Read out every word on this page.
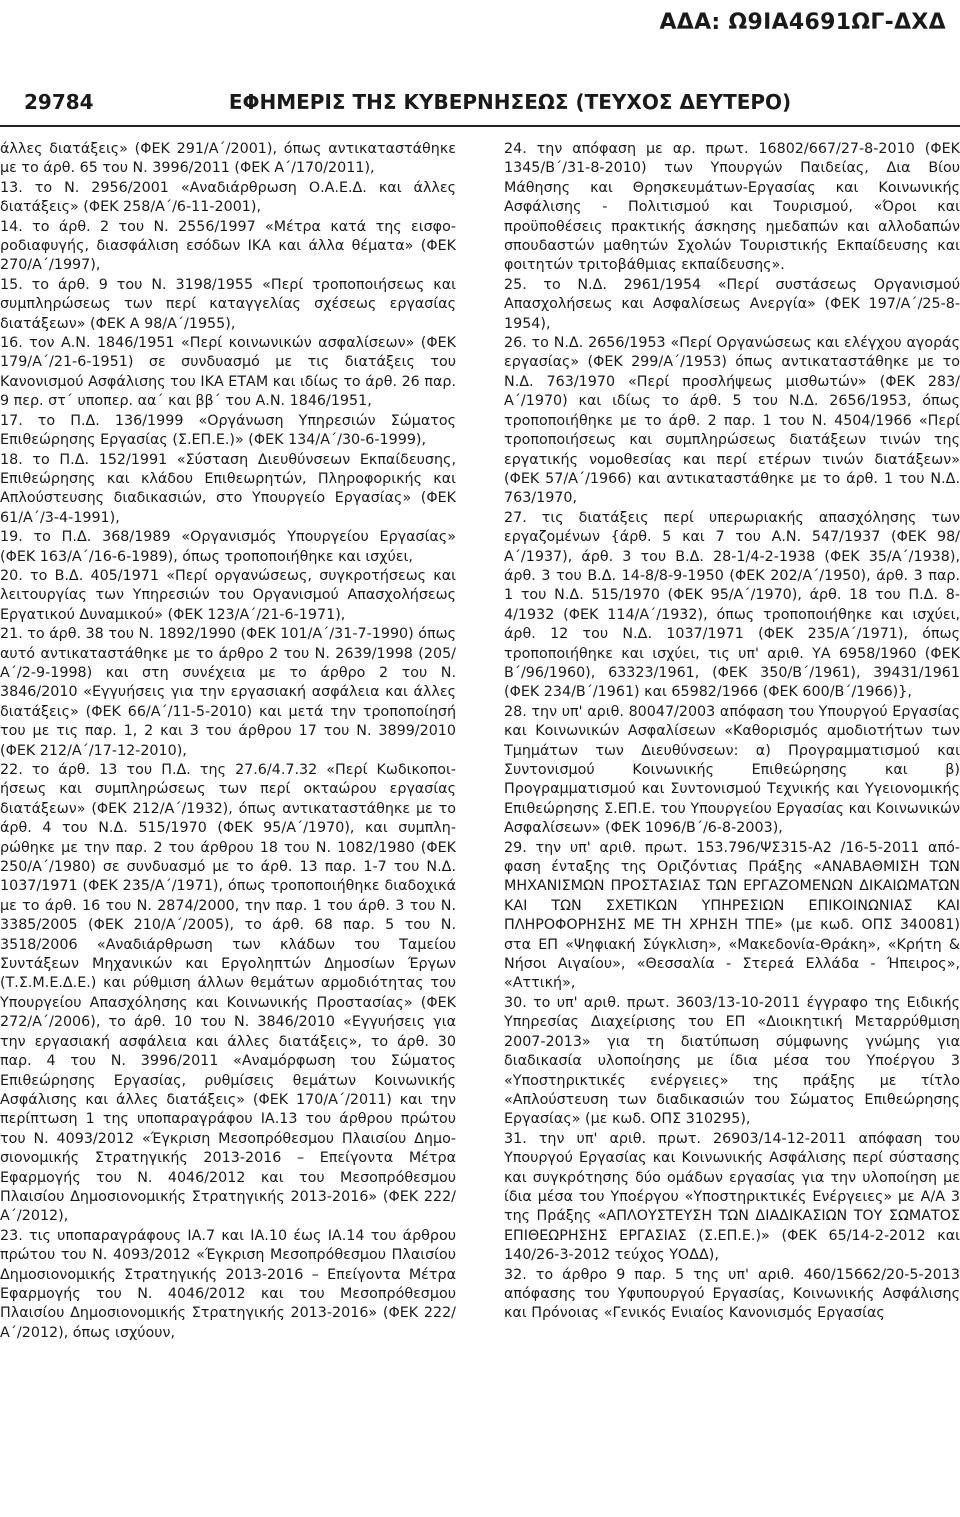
ΑΔΑ: Ω9ΙΑ4691ΩΓ-ΔΧΔ
29784	ΕΦΗΜΕΡΙΣ ΤΗΣ ΚΥΒΕΡΝΗΣΕΩΣ (ΤΕΥΧΟΣ ΔΕΥΤΕΡΟ)

άλλες διατάξεις» (ΦΕΚ 291/Α΄/2001), όπως αντικαταστάθηκε με το άρθ. 65 του Ν. 3996/2011 (ΦΕΚ Α΄/170/2011),

13. το Ν. 2956/2001 «Αναδιάρθρωση Ο.Α.Ε.Δ. και άλλες διατάξεις» (ΦΕΚ 258/Α΄/6-11-2001),

14. το άρθ. 2 του Ν. 2556/1997 «Μέτρα κατά της εισφοροδιαφυγής, διασφάλιση εσόδων ΙΚΑ και άλλα θέματα» (ΦΕΚ 270/Α΄/1997),

15. το άρθ. 9 του Ν. 3198/1955 «Περί τροποποιήσεως και συμπληρώσεως των περί καταγγελίας σχέσεως εργασίας διατάξεων» (ΦΕΚ Α 98/Α΄/1955),

16. τον Α.Ν. 1846/1951 «Περί κοινωνικών ασφαλίσεων» (ΦΕΚ 179/Α΄/21-6-1951) σε συνδυασμό με τις διατάξεις του Κανονισμού Ασφάλισης του ΙΚΑ ΕΤΑΜ και ιδίως το άρθ. 26 παρ. 9 περ. στ΄ υποπερ. αα΄ και ββ΄ του Α.Ν. 1846/1951,

17. το Π.Δ. 136/1999 «Οργάνωση Υπηρεσιών Σώματος Επιθεώρησης Εργασίας (Σ.ΕΠ.Ε.)» (ΦΕΚ 134/Α΄/30-6-1999),

18. το Π.Δ. 152/1991 «Σύσταση Διευθύνσεων Εκπαίδευσης, Επιθεώρησης και κλάδου Επιθεωρητών, Πληροφορικής και Απλούστευσης διαδικασιών, στο Υπουργείο Εργασίας» (ΦΕΚ 61/Α΄/3-4-1991),

19. το Π.Δ. 368/1989 «Οργανισμός Υπουργείου Εργασίας» (ΦΕΚ 163/Α΄/16-6-1989), όπως τροποποιήθηκε και ισχύει,

20. το Β.Δ. 405/1971 «Περί οργανώσεως, συγκροτήσεως και λειτουργίας των Υπηρεσιών του Οργανισμού Απασχολήσεως Εργατικού Δυναμικού» (ΦΕΚ 123/Α΄/21-6-1971),

21. το άρθ. 38 του Ν. 1892/1990 (ΦΕΚ 101/Α΄/31-7-1990) όπως αυτό αντικαταστάθηκε με το άρθρο 2 του Ν. 2639/1998 (205/Α΄/2-9-1998) και στη συνέχεια με το άρθρο 2 του Ν. 3846/2010 «Εγγυήσεις για την εργασιακή ασφάλεια και άλλες διατάξεις» (ΦΕΚ 66/Α΄/11-5-2010) και μετά την τροποποίησή του με τις παρ. 1, 2 και 3 του άρθρου 17 του Ν. 3899/2010 (ΦΕΚ 212/Α΄/17-12-2010),

22. το άρθ. 13 του Π.Δ. της 27.6/4.7.32 «Περί Κωδικοποιήσεως και συμπληρώσεως των περί οκταώρου εργασίας διατάξεων» (ΦΕΚ 212/Α΄/1932), όπως αντικαταστάθηκε με το άρθ. 4 του Ν.Δ. 515/1970 (ΦΕΚ 95/Α΄/1970), και συμπληρώθηκε με την παρ. 2 του άρθρου 18 του Ν. 1082/1980 (ΦΕΚ 250/Α΄/1980) σε συνδυασμό με το άρθ. 13 παρ. 1-7 του Ν.Δ. 1037/1971 (ΦΕΚ 235/Α΄/1971), όπως τροποποιήθηκε διαδοχικά με το άρθ. 16 του Ν. 2874/2000, την παρ. 1 του άρθ. 3 του Ν. 3385/2005 (ΦΕΚ 210/Α΄/2005), το άρθ. 68 παρ. 5 του Ν. 3518/2006 «Αναδιάρθρωση των κλάδων του Ταμείου Συντάξεων Μηχανικών και Εργοληπτών Δημοσίων Έργων (Τ.Σ.Μ.Ε.Δ.Ε.) και ρύθμιση άλλων θεμάτων αρμοδιότητας του Υπουργείου Απασχόλησης και Κοινωνικής Προστασίας» (ΦΕΚ 272/Α΄/2006), το άρθ. 10 του Ν. 3846/2010 «Εγγυήσεις για την εργασιακή ασφάλεια και άλλες διατάξεις», το άρθ. 30 παρ. 4 του Ν. 3996/2011 «Αναμόρφωση του Σώματος Επιθεώρησης Εργασίας, ρυθμίσεις θεμάτων Κοινωνικής Ασφάλισης και άλλες διατάξεις» (ΦΕΚ 170/Α΄/2011) και την περίπτωση 1 της υποπαραγράφου ΙΑ.13 του άρθρου πρώτου του Ν. 4093/2012 «Έγκριση Μεσοπρόθεσμου Πλαισίου Δημοσιονομικής Στρατηγικής 2013-2016 – Επείγοντα Μέτρα Εφαρμογής του Ν. 4046/2012 και του Μεσοπρόθεσμου Πλαισίου Δημοσιονομικής Στρατηγικής 2013-2016» (ΦΕΚ 222/Α΄/2012),

23. τις υποπαραγράφους ΙΑ.7 και ΙΑ.10 έως ΙΑ.14 του άρθρου πρώτου του Ν. 4093/2012 «Έγκριση Μεσοπρόθεσμου Πλαισίου Δημοσιονομικής Στρατηγικής 2013-2016 – Επείγοντα Μέτρα Εφαρμογής του Ν. 4046/2012 και του Μεσοπρόθεσμου Πλαισίου Δημοσιονομικής Στρατηγικής 2013-2016» (ΦΕΚ 222/Α΄/2012), όπως ισχύουν,

24. την απόφαση με αρ. πρωτ. 16802/667/27-8-2010 (ΦΕΚ 1345/Β΄/31-8-2010) των Υπουργών Παιδείας, Δια Βίου Μάθησης και Θρησκευμάτων-Εργασίας και Κοινωνικής Ασφάλισης - Πολιτισμού και Τουρισμού, «Όροι και προϋποθέσεις πρακτικής άσκησης ημεδαπών και αλλοδαπών σπουδαστών μαθητών Σχολών Τουριστικής Εκπαίδευσης και φοιτητών τριτοβάθμιας εκπαίδευσης».

25. το Ν.Δ. 2961/1954 «Περί συστάσεως Οργανισμού Απασχολήσεως και Ασφαλίσεως Ανεργία» (ΦΕΚ 197/Α΄/25-8-1954),

26. το Ν.Δ. 2656/1953 «Περί Οργανώσεως και ελέγχου αγοράς εργασίας» (ΦΕΚ 299/Α΄/1953) όπως αντικαταστάθηκε με το Ν.Δ. 763/1970 «Περί προσλήψεως μισθωτών» (ΦΕΚ 283/Α΄/1970) και ιδίως το άρθ. 5 του Ν.Δ. 2656/1953, όπως τροποποιήθηκε με το άρθ. 2 παρ. 1 του Ν. 4504/1966 «Περί τροποποιήσεως και συμπληρώσεως διατάξεων τινών της εργατικής νομοθεσίας και περί ετέρων τινών διατάξεων» (ΦΕΚ 57/Α΄/1966) και αντικαταστάθηκε με το άρθ. 1 του Ν.Δ. 763/1970,

27. τις διατάξεις περί υπερωριακής απασχόλησης των εργαζομένων {άρθ. 5 και 7 του Α.Ν. 547/1937 (ΦΕΚ 98/Α΄/1937), άρθ. 3 του Β.Δ. 28-1/4-2-1938 (ΦΕΚ 35/Α΄/1938), άρθ. 3 του Β.Δ. 14-8/8-9-1950 (ΦΕΚ 202/Α΄/1950), άρθ. 3 παρ. 1 του Ν.Δ. 515/1970 (ΦΕΚ 95/Α΄/1970), άρθ. 18 του Π.Δ. 8-4/1932 (ΦΕΚ 114/Α΄/1932), όπως τροποποιήθηκε και ισχύει, άρθ. 12 του Ν.Δ. 1037/1971 (ΦΕΚ 235/Α΄/1971), όπως τροποποιήθηκε και ισχύει, τις υπ' αριθ. ΥΑ 6958/1960 (ΦΕΚ Β΄/96/1960), 63323/1961, (ΦΕΚ 350/Β΄/1961), 39431/1961 (ΦΕΚ 234/Β΄/1961) και 65982/1966 (ΦΕΚ 600/Β΄/1966)},

28. την υπ' αριθ. 80047/2003 απόφαση του Υπουργού Εργασίας και Κοινωνικών Ασφαλίσεων «Καθορισμός αμοδιοτήτων των Τμημάτων των Διευθύνσεων: α) Προγραμματισμού και Συντονισμού Κοινωνικής Επιθεώρησης και β) Προγραμματισμού και Συντονισμού Τεχνικής και Υγειονομικής Επιθεώρησης Σ.ΕΠ.Ε. του Υπουργείου Εργασίας και Κοινωνικών Ασφαλίσεων» (ΦΕΚ 1096/Β΄/6-8-2003),

29. την υπ' αριθ. πρωτ. 153.796/ΨΣ315-Α2 /16-5-2011 απόφαση ένταξης της Οριζόντιας Πράξης «ΑΝΑΒΑΘΜΙΣΗ ΤΩΝ ΜΗΧΑΝΙΣΜΩΝ ΠΡΟΣΤΑΣΙΑΣ ΤΩΝ ΕΡΓΑΖΟΜΕΝΩΝ ΔΙΚΑΙΩΜΑΤΩΝ ΚΑΙ ΤΩΝ ΣΧΕΤΙΚΩΝ ΥΠΗΡΕΣΙΩΝ ΕΠΙΚΟΙΝΩΝΙΑΣ ΚΑΙ ΠΛΗΡΟΦΟΡΗΣΗΣ ΜΕ ΤΗ ΧΡΗΣΗ ΤΠΕ» (με κωδ. ΟΠΣ 340081) στα ΕΠ «Ψηφιακή Σύγκλιση», «Μακεδονία-Θράκη», «Κρήτη & Νήσοι Αιγαίου», «Θεσσαλία - Στερεά Ελλάδα - Ήπειρος», «Αττική»,

30. το υπ' αριθ. πρωτ. 3603/13-10-2011 έγγραφο της Ειδικής Υπηρεσίας Διαχείρισης του ΕΠ «Διοικητική Μεταρρύθμιση 2007-2013» για τη διατύπωση σύμφωνης γνώμης για διαδικασία υλοποίησης με ίδια μέσα του Υποέργου 3 «Υποστηρικτικές ενέργειες» της πράξης με τίτλο «Απλούστευση των διαδικασιών του Σώματος Επιθεώρησης Εργασίας» (με κωδ. ΟΠΣ 310295),

31. την υπ' αριθ. πρωτ. 26903/14-12-2011 απόφαση του Υπουργού Εργασίας και Κοινωνικής Ασφάλισης περί σύστασης και συγκρότησης δύο ομάδων εργασίας για την υλοποίηση με ίδια μέσα του Υποέργου «Υποστηρικτικές Ενέργειες» με Α/Α 3 της Πράξης «ΑΠΛΟΥΣΤΕΥΣΗ ΤΩΝ ΔΙΑΔΙΚΑΣΙΩΝ ΤΟΥ ΣΩΜΑΤΟΣ ΕΠΙΘΕΩΡΗΣΗΣ ΕΡΓΑΣΙΑΣ (Σ.ΕΠ.Ε.)» (ΦΕΚ 65/14-2-2012 και 140/26-3-2012 τεύχος ΥΟΔΔ),

32. το άρθρο 9 παρ. 5 της υπ' αριθ. 460/15662/20-5-2013 απόφασης του Υφυπουργού Εργασίας, Κοινωνικής Ασφάλισης και Πρόνοιας «Γενικός Ενιαίος Κανονισμός Εργασίας
